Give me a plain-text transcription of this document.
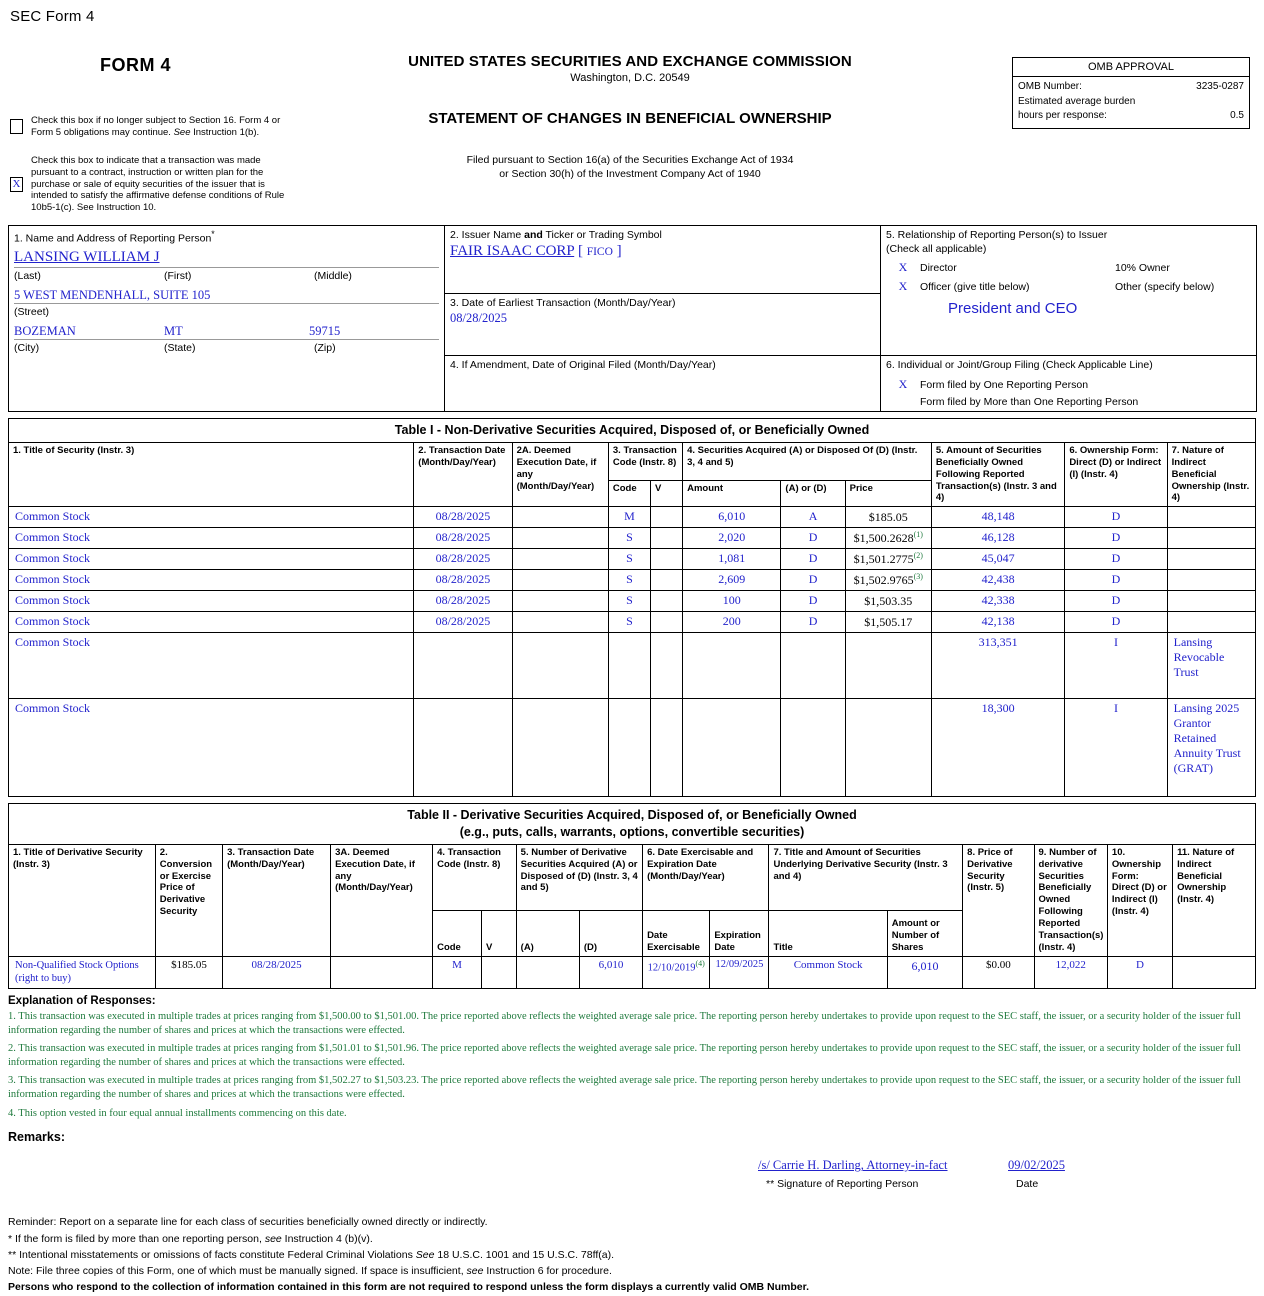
SEC Form 4
FORM 4	UNITED STATES SECURITIES AND EXCHANGE COMMISSION
Washington, D.C. 20549
STATEMENT OF CHANGES IN BENEFICIAL OWNERSHIP
Filed pursuant to Section 16(a) of the Securities Exchange Act of 1934
or Section 30(h) of the Investment Company Act of 1940
OMB APPROVAL
OMB Number:	3235-0287
Estimated average burden
hours per response:	0.5
Check this box if no longer subject to Section 16. Form 4 or Form 5 obligations may continue. See Instruction 1(b).
X
Check this box to indicate that a transaction was made pursuant to a contract, instruction or written plan for the purchase or sale of equity securities of the issuer that is intended to satisfy the affirmative defense conditions of Rule 10b5-1(c). See Instruction 10.
1. Name and Address of Reporting Person*
LANSING WILLIAM J
(Last)	(First)	(Middle)
5 WEST MENDENHALL, SUITE 105
(Street)
BOZEMAN	MT	59715
(City)	(State)	(Zip)

2. Issuer Name and Ticker or Trading Symbol
FAIR ISAAC CORP [ FICO ]

5. Relationship of Reporting Person(s) to Issuer
(Check all applicable)
X	Director	10% Owner
X	Officer (give title below)	Other (specify below)
President and CEO

	3. Date of Earliest Transaction (Month/Day/Year)
08/28/2025	

	4. If Amendment, Date of Original Filed (Month/Day/Year)	6. Individual or Joint/Group Filing (Check Applicable Line)
X Form filed by One Reporting Person
Form filed by More than One Reporting Person
Table I - Non-Derivative Securities Acquired, Disposed of, or Beneficially Owned										
1. Title of Security (Instr. 3)	2. Transaction Date (Month/Day/Year)	2A. Deemed Execution Date, if any (Month/Day/Year)	3. Transaction Code (Instr. 8)		4. Securities Acquired (A) or Disposed Of (D) (Instr. 3, 4 and 5)			5. Amount of Securities Beneficially Owned Following Reported Transaction(s) (Instr. 3 and 4)	6. Ownership Form: Direct (D) or Indirect (I) (Instr. 4)	7. Nature of Indirect Beneficial Ownership (Instr. 4)
			Code	V	Amount	(A) or (D)	Price			
Common Stock	08/28/2025		M		6,010	A	$185.05	48,148	D	
Common Stock	08/28/2025		S		2,020	D	$1,500.2628$^{(1)}$	46,128	D	
Common Stock	08/28/2025		S		1,081	D	$1,501.2775$^{(2)}$	45,047	D	
Common Stock	08/28/2025		S		2,609	D	$1,502.9765$^{(3)}$	42,438	D	
Common Stock	08/28/2025		S		100	D	$1,503.35	42,338	D	
Common Stock	08/28/2025		S		200	D	$1,505.17	42,138	D	
Common Stock								313,351	I	Lansing Revocable Trust
Common Stock								18,300	I	Lansing 2025 Grantor Retained Annuity Trust (GRAT)
Table II - Derivative Securities Acquired, Disposed of, or Beneficially Owned
(e.g., puts, calls, warrants, options, convertible securities)															
1. Title of Derivative Security (Instr. 3)	2. Conversion or Exercise Price of Derivative Security	3. Transaction Date (Month/Day/Year)	3A. Deemed Execution Date, if any (Month/Day/Year)	4. Transaction Code (Instr. 8)		5. Number of Derivative Securities Acquired (A) or Disposed of (D) (Instr. 3, 4 and 5)		6. Date Exercisable and Expiration Date (Month/Day/Year)		7. Title and Amount of Securities Underlying Derivative Security (Instr. 3 and 4)		8. Price of Derivative Security (Instr. 5)	9. Number of derivative Securities Beneficially Owned Following Reported Transaction(s) (Instr. 4)	10. Ownership Form: Direct (D) or Indirect (I) (Instr. 4)	11. Nature of Indirect Beneficial Ownership (Instr. 4)
				Code	V	(A)	(D)	Date Exercisable	Expiration Date	Title	Amount or Number of Shares				
Non-Qualified Stock Options (right to buy)	$185.05	08/28/2025		M			6,010	12/10/2019$^{(4)}$	12/09/2025	Common Stock	6,010	$0.00	12,022	D	
Explanation of Responses:
1. This transaction was executed in multiple trades at prices ranging from $1,500.00 to $1,501.00. The price reported above reflects the weighted average sale price. The reporting person hereby undertakes to provide upon request to the SEC staff, the issuer, or a security holder of the issuer full information regarding the number of shares and prices at which the transactions were effected.
2. This transaction was executed in multiple trades at prices ranging from $1,501.01 to $1,501.96. The price reported above reflects the weighted average sale price. The reporting person hereby undertakes to provide upon request to the SEC staff, the issuer, or a security holder of the issuer full information regarding the number of shares and prices at which the transactions were effected.
3. This transaction was executed in multiple trades at prices ranging from $1,502.27 to $1,503.23. The price reported above reflects the weighted average sale price. The reporting person hereby undertakes to provide upon request to the SEC staff, the issuer, or a security holder of the issuer full information regarding the number of shares and prices at which the transactions were effected.
4. This option vested in four equal annual installments commencing on this date.
Remarks:
/s/ Carrie H. Darling, Attorney-in-fact	09/02/2025
** Signature of Reporting Person	Date
Reminder: Report on a separate line for each class of securities beneficially owned directly or indirectly.
* If the form is filed by more than one reporting person, see Instruction 4 (b)(v).
** Intentional misstatements or omissions of facts constitute Federal Criminal Violations See 18 U.S.C. 1001 and 15 U.S.C. 78ff(a).
Note: File three copies of this Form, one of which must be manually signed. If space is insufficient, see Instruction 6 for procedure.
Persons who respond to the collection of information contained in this form are not required to respond unless the form displays a currently valid OMB Number.
